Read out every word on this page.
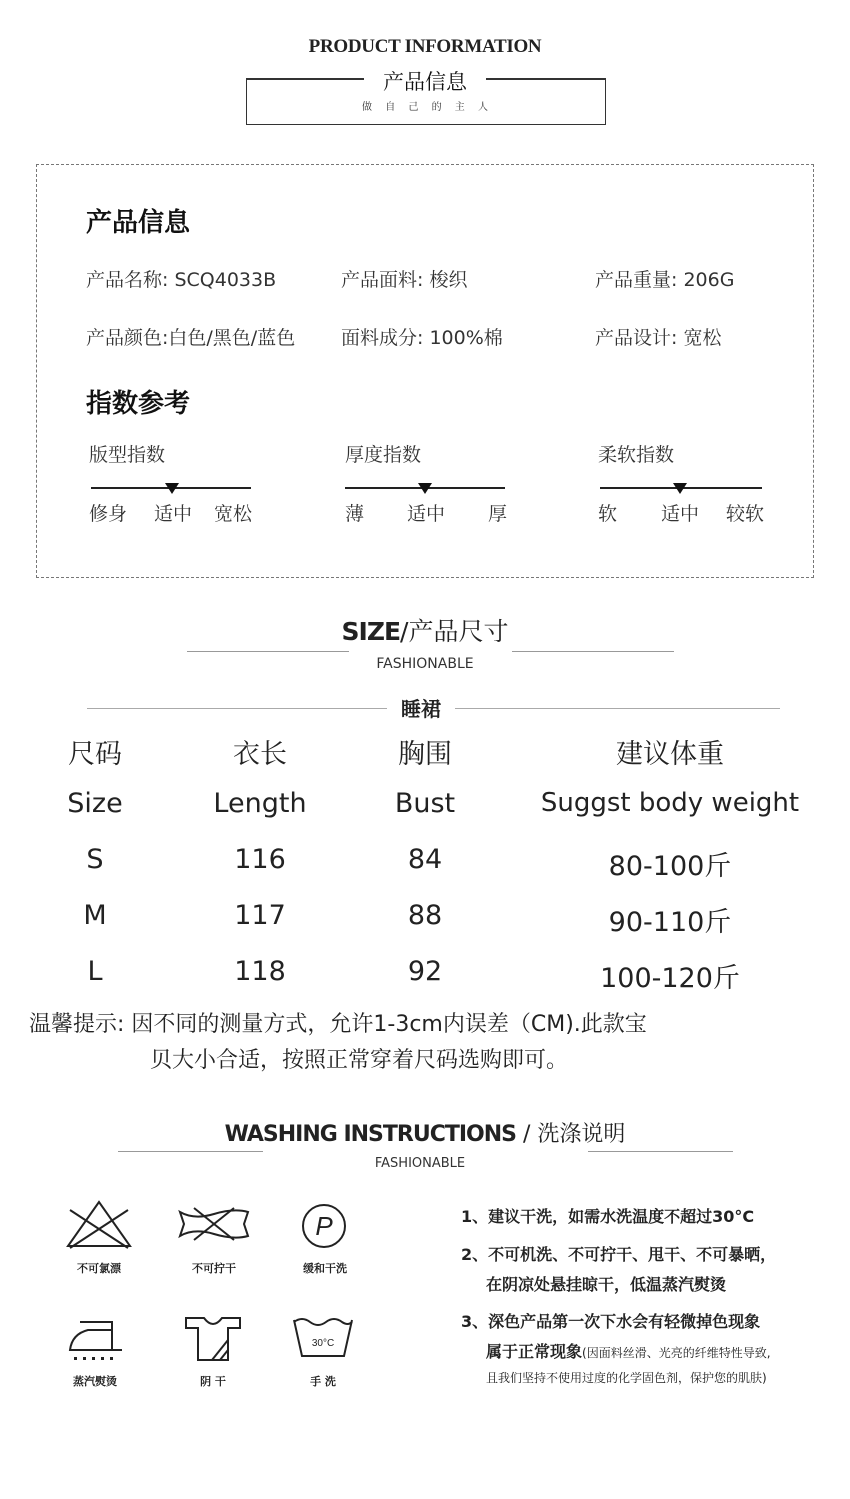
PRODUCT INFORMATION
产品信息
做 自 己 的 主 人
产品信息
产品名称: SCQ4033B	产品面料: 梭织	产品重量: 206G
产品颜色:白色/黑色/蓝色 面料成分: 100%棉	产品设计: 宽松
指数参考
版型指数
修身 适中 宽松
厚度指数
薄 适中 厚
柔软指数
软 适中 较软
SIZE/产品尺寸
FASHIONABLE
睡裙
尺码	衣长	胸围	建议体重
Size	Length	Bust	Suggst body weight
S	116	84	80-100斤
M	117	88	90-110斤
L	118	92	100-120斤
温馨提示: 因不同的测量方式，允许1-3cm内误差（CM).此款宝
贝大小合适，按照正常穿着尺码选购即可。
WASHING INSTRUCTIONS / 洗涤说明
FASHIONABLE
不可氯漂	不可拧干
P
缓和干洗
蒸汽熨烫	阴 干
30°C
手 洗
1、建议干洗，如需水洗温度不超过30°C
2、不可机洗、不可拧干、甩干、不可暴晒，
在阴凉处悬挂晾干，低温蒸汽熨烫
3、深色产品第一次下水会有轻微掉色现象
属于正常现象(因面料丝滑、光亮的纤维特性导致,
且我们坚持不使用过度的化学固色剂，保护您的肌肤)
